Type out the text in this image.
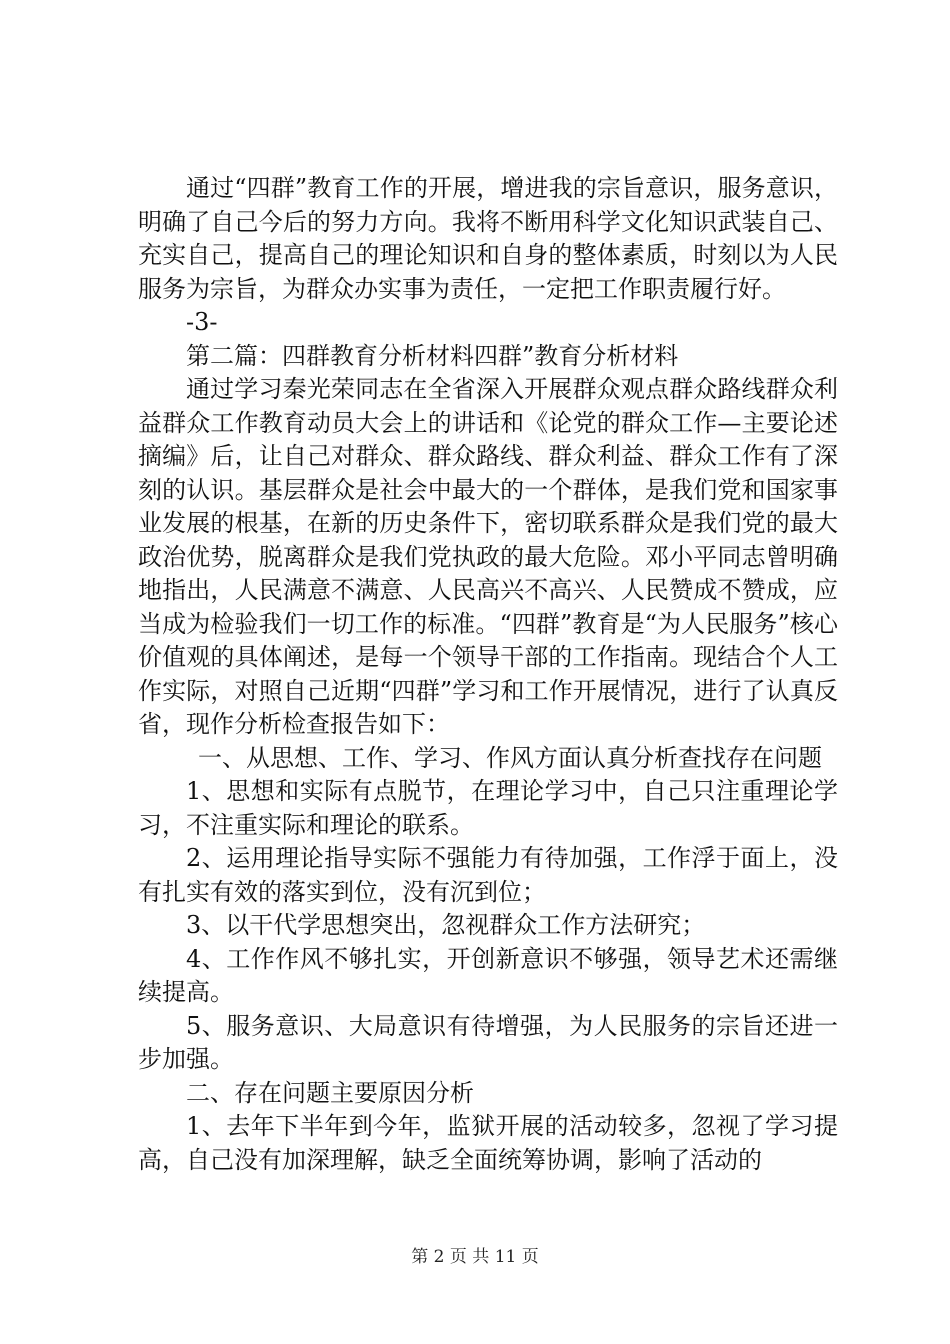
通过“四群”教育工作的开展，增进我的宗旨意识，服务意识，明确了自己今后的努力方向。我将不断用科学文化知识武装自己、充实自己，提高自己的理论知识和自身的整体素质，时刻以为人民服务为宗旨，为群众办实事为责任，一定把工作职责履行好。

-3-

第二篇：四群教育分析材料四群”教育分析材料

通过学习秦光荣同志在全省深入开展群众观点群众路线群众利益群众工作教育动员大会上的讲话和《论党的群众工作—主要论述摘编》后，让自己对群众、群众路线、群众利益、群众工作有了深刻的认识。基层群众是社会中最大的一个群体，是我们党和国家事业发展的根基，在新的历史条件下，密切联系群众是我们党的最大政治优势，脱离群众是我们党执政的最大危险。邓小平同志曾明确地指出，人民满意不满意、人民高兴不高兴、人民赞成不赞成，应当成为检验我们一切工作的标准。“四群”教育是“为人民服务”核心价值观的具体阐述，是每一个领导干部的工作指南。现结合个人工作实际，对照自己近期“四群”学习和工作开展情况，进行了认真反省，现作分析检查报告如下：

一、从思想、工作、学习、作风方面认真分析查找存在问题

1、思想和实际有点脱节，在理论学习中，自己只注重理论学习，不注重实际和理论的联系。

2、运用理论指导实际不强能力有待加强，工作浮于面上，没有扎实有效的落实到位，没有沉到位；

3、以干代学思想突出，忽视群众工作方法研究；

4、工作作风不够扎实，开创新意识不够强，领导艺术还需继续提高。

5、服务意识、大局意识有待增强，为人民服务的宗旨还进一步加强。

二、存在问题主要原因分析

1、去年下半年到今年，监狱开展的活动较多，忽视了学习提高，自己没有加深理解，缺乏全面统筹协调，影响了活动的

第 2 页 共 11 页
